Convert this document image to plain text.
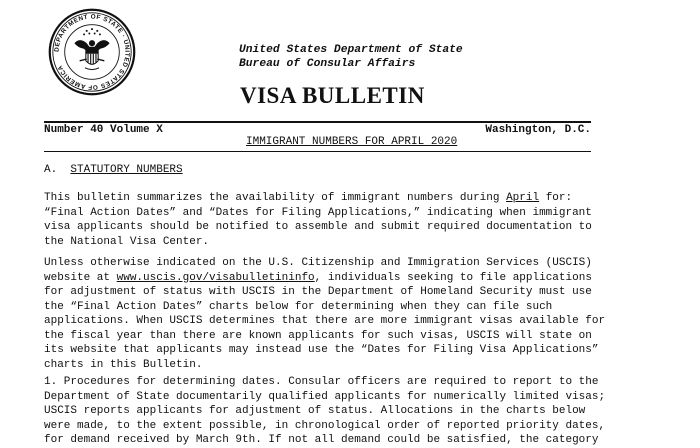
DEPARTMENT OF STATE · UNITED STATES OF AMERICA
United States Department of State
Bureau of Consular Affairs
VISA BULLETIN
Number 40 Volume X	Washington, D.C.
IMMIGRANT NUMBERS FOR APRIL 2020
A. STATUTORY NUMBERS
This bulletin summarizes the availability of immigrant numbers during April for:
“Final Action Dates” and “Dates for Filing Applications,” indicating when immigrant
visa applicants should be notified to assemble and submit required documentation to
the National Visa Center.
Unless otherwise indicated on the U.S. Citizenship and Immigration Services (USCIS)
website at www.uscis.gov/visabulletininfo, individuals seeking to file applications
for adjustment of status with USCIS in the Department of Homeland Security must use
the “Final Action Dates” charts below for determining when they can file such
applications. When USCIS determines that there are more immigrant visas available for
the fiscal year than there are known applicants for such visas, USCIS will state on
its website that applicants may instead use the “Dates for Filing Visa Applications”
charts in this Bulletin.
1. Procedures for determining dates. Consular officers are required to report to the
Department of State documentarily qualified applicants for numerically limited visas;
USCIS reports applicants for adjustment of status. Allocations in the charts below
were made, to the extent possible, in chronological order of reported priority dates,
for demand received by March 9th. If not all demand could be satisfied, the category
